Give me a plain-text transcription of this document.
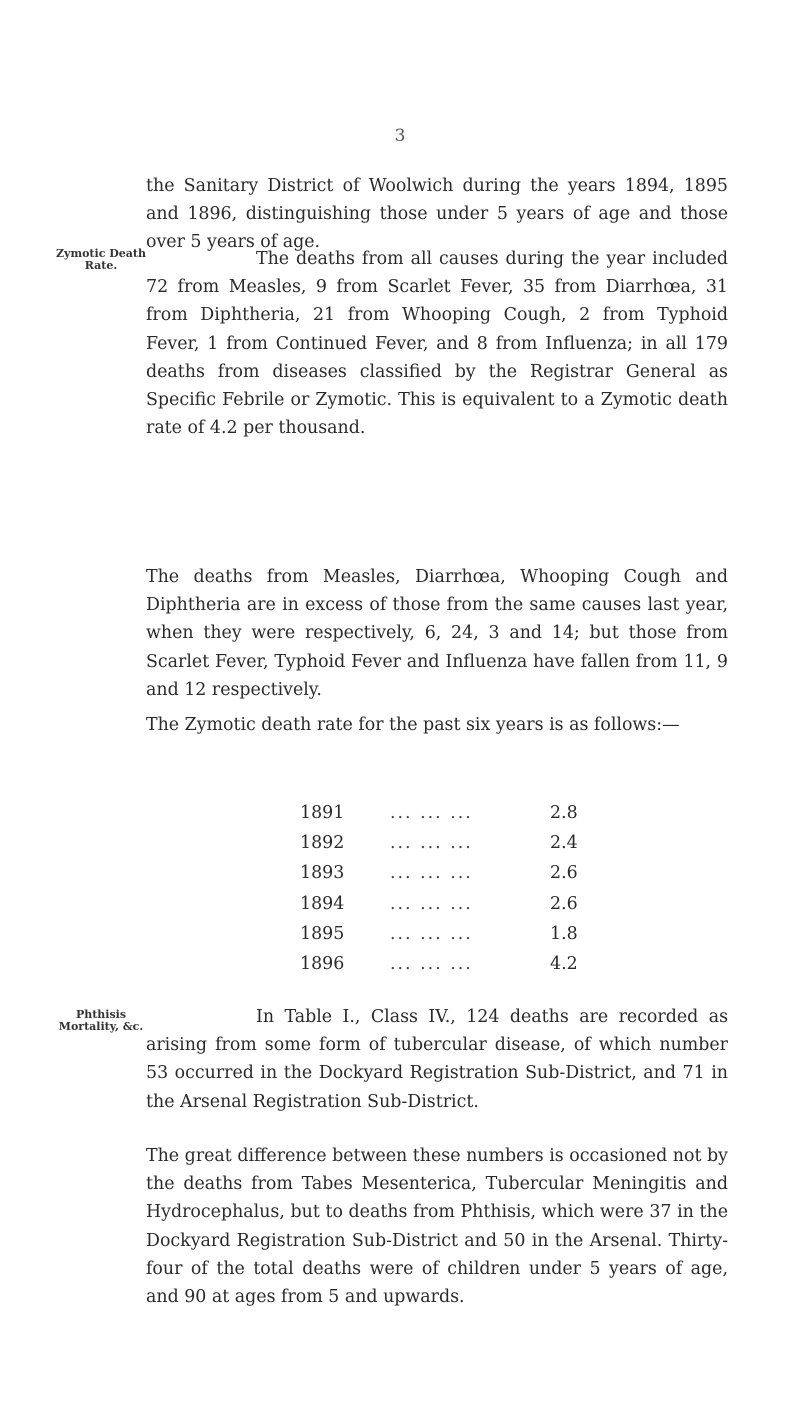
3

the Sanitary District of Woolwich during the years 1894, 1895 and 1896, distinguishing those under 5 years of age and those over 5 years of age.

Zymotic Death Rate.	The deaths from all causes during the year included 72 from Measles, 9 from Scarlet Fever, 35 from Diarrhœa, 31 from Diphtheria, 21 from Whooping Cough, 2 from Typhoid Fever, 1 from Continued Fever, and 8 from Influenza; in all 179 deaths from diseases classified by the Registrar General as Specific Febrile or Zymotic. This is equivalent to a Zymotic death rate of 4.2 per thousand.

The deaths from Measles, Diarrhœa, Whooping Cough and Diphtheria are in excess of those from the same causes last year, when they were respectively, 6, 24, 3 and 14; but those from Scarlet Fever, Typhoid Fever and Influenza have fallen from 11, 9 and 12 respectively.

The Zymotic death rate for the past six years is as follows:—

1891	... ... ...	2.8
1892	... ... ...	2.4
1893	... ... ...	2.6
1894	... ... ...	2.6
1895	... ... ...	1.8
1896	... ... ...	4.2
Phthisis Mortality, &c.	In Table I., Class IV., 124 deaths are recorded as arising from some form of tubercular disease, of which number 53 occurred in the Dockyard Registration Sub-District, and 71 in the Arsenal Registration Sub-District.

The great difference between these numbers is occasioned not by the deaths from Tabes Mesenterica, Tubercular Meningitis and Hydrocephalus, but to deaths from Phthisis, which were 37 in the Dockyard Registration Sub-District and 50 in the Arsenal. Thirty-four of the total deaths were of children under 5 years of age, and 90 at ages from 5 and upwards.
